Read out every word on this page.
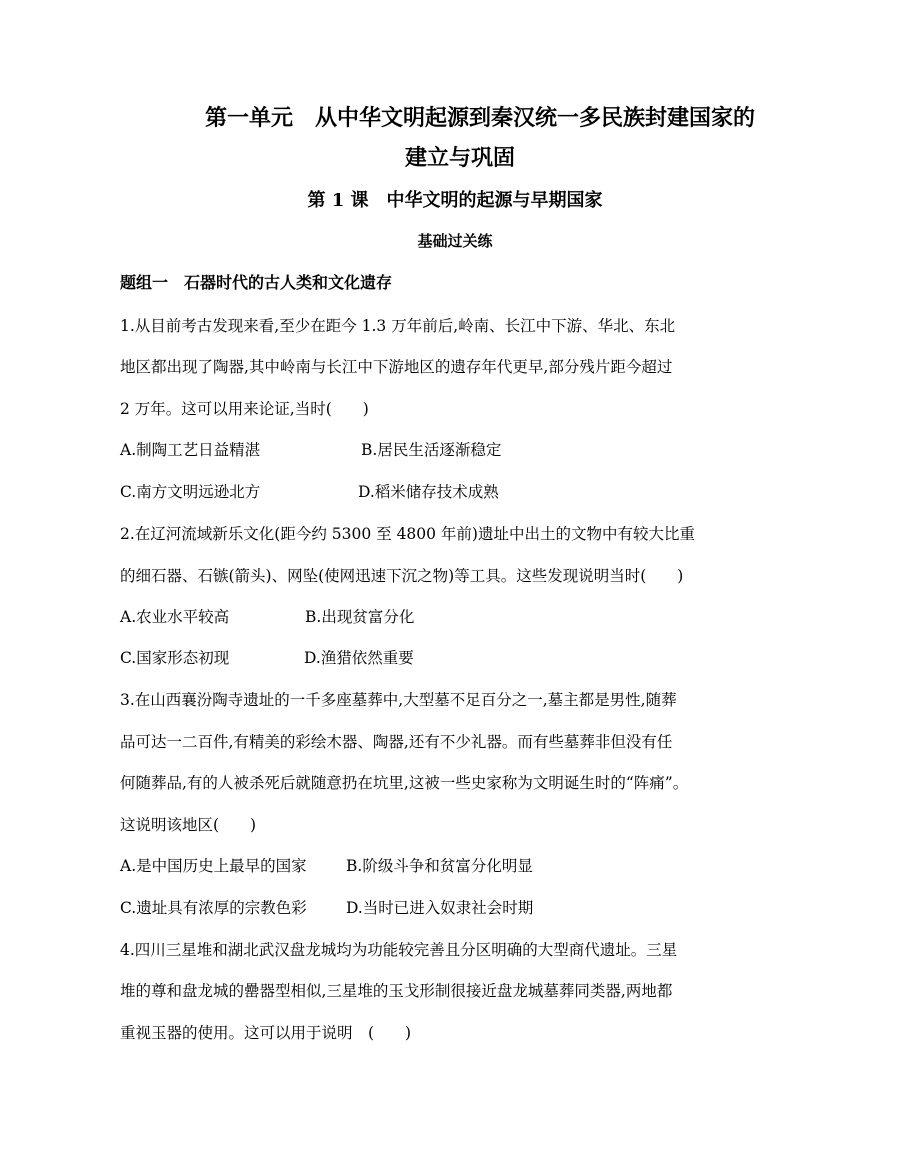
第一单元　从中华文明起源到秦汉统一多民族封建国家的
建立与巩固
第 1 课　中华文明的起源与早期国家
基础过关练
题组一　石器时代的古人类和文化遗存
1.从目前考古发现来看,至少在距今 1.3 万年前后,岭南、长江中下游、华北、东北
地区都出现了陶器,其中岭南与长江中下游地区的遗存年代更早,部分残片距今超过
2 万年。这可以用来论证,当时(　　)
A.制陶工艺日益精湛	B.居民生活逐渐稳定
C.南方文明远逊北方	D.稻米储存技术成熟
2.在辽河流域新乐文化(距今约 5300 至 4800 年前)遗址中出土的文物中有较大比重
的细石器、石镞(箭头)、网坠(使网迅速下沉之物)等工具。这些发现说明当时(　　)
A.农业水平较高	B.出现贫富分化
C.国家形态初现	D.渔猎依然重要
3.在山西襄汾陶寺遗址的一千多座墓葬中,大型墓不足百分之一,墓主都是男性,随葬
品可达一二百件,有精美的彩绘木器、陶器,还有不少礼器。而有些墓葬非但没有任
何随葬品,有的人被杀死后就随意扔在坑里,这被一些史家称为文明诞生时的“阵痛”。
这说明该地区(　　)
A.是中国历史上最早的国家	B.阶级斗争和贫富分化明显
C.遗址具有浓厚的宗教色彩	D.当时已进入奴隶社会时期
4.四川三星堆和湖北武汉盘龙城均为功能较完善且分区明确的大型商代遗址。三星
堆的尊和盘龙城的罍器型相似,三星堆的玉戈形制很接近盘龙城墓葬同类器,两地都
重视玉器的使用。这可以用于说明　(　　)
